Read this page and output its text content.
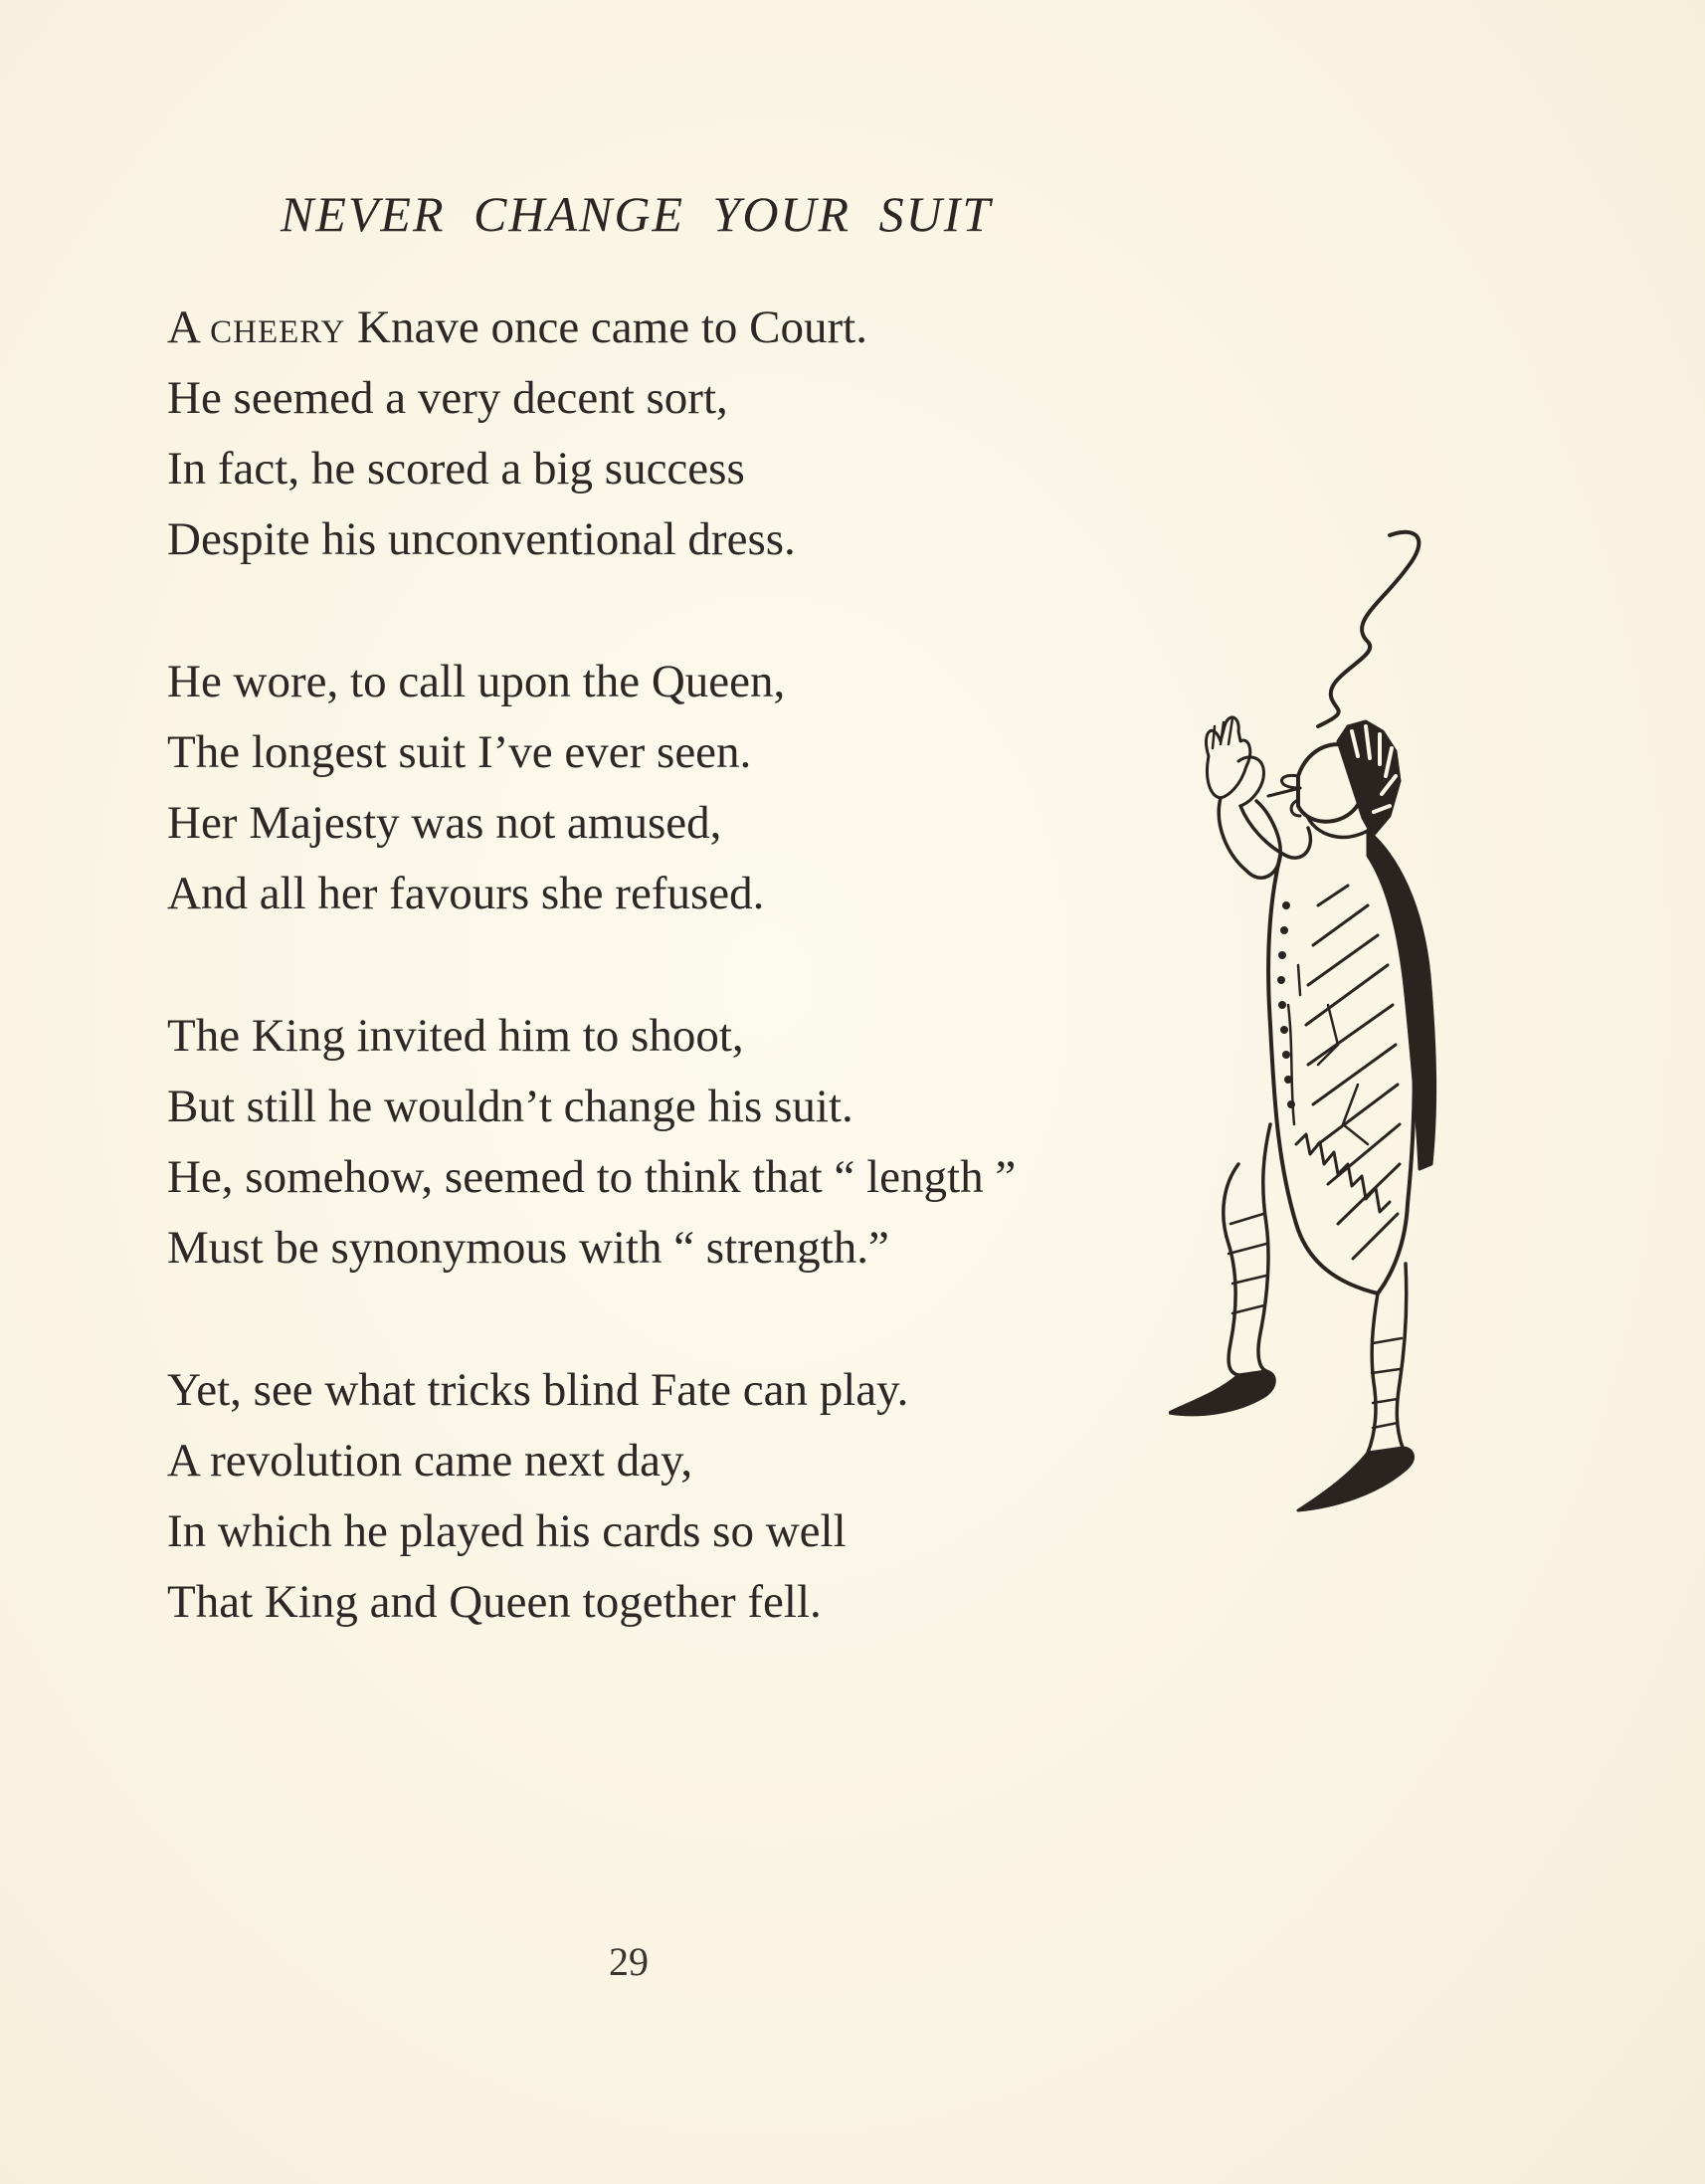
NEVER CHANGE YOUR SUIT
A cheery Knave once came to Court.
He seemed a very decent sort,
In fact, he scored a big success
Despite his unconventional dress.
He wore, to call upon the Queen,
The longest suit I’ve ever seen.
Her Majesty was not amused,
And all her favours she refused.
The King invited him to shoot,
But still he wouldn’t change his suit.
He, somehow, seemed to think that “ length ”
Must be synonymous with “ strength.”
Yet, see what tricks blind Fate can play.
A revolution came next day,
In which he played his cards so well
That King and Queen together fell.
29
